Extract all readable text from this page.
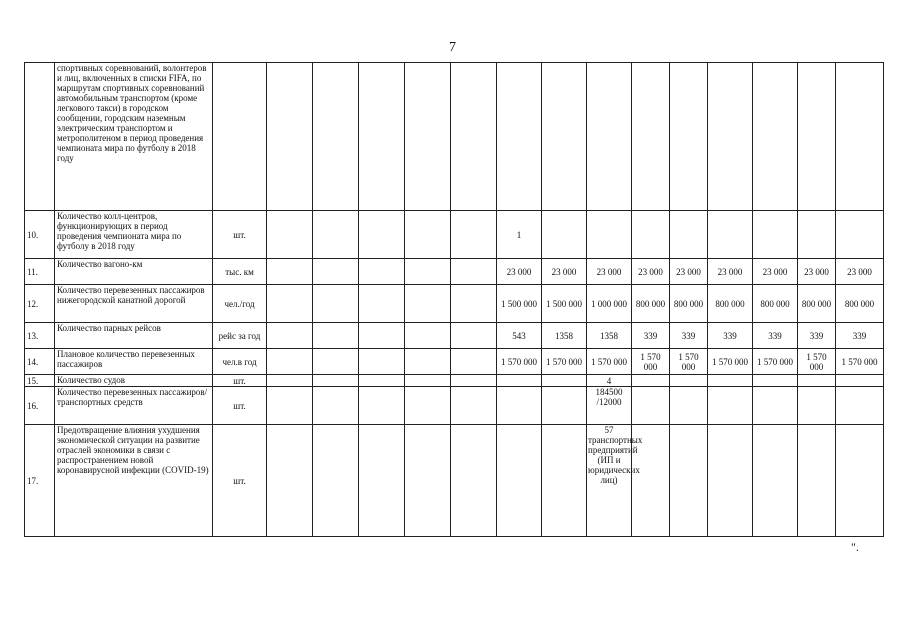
7
	спортивных соревнований, волонтеров и лиц, включенных в списки FIFA, по маршрутам спортивных соревнований автомобильным транспортом (кроме легкового такси) в городском сообщении, городским наземным электрическим транспортом и метрополитеном в период проведения чемпионата мира по футболу в 2018 году															
10.	Количество колл-центров, функционирующих в период проведения чемпионата мира по футболу в 2018 году	шт.						1								
11.	Количество вагоно-км	тыс. км						23 000	23 000	23 000	23 000	23 000	23 000	23 000	23 000	23 000
12.	Количество перевезенных пассажиров нижегородской канатной дорогой	чел./год						1 500 000	1 500 000	1 000 000	800 000	800 000	800 000	800 000	800 000	800 000
13.	Количество парных рейсов	рейс за год						543	1358	1358	339	339	339	339	339	339
14.	Плановое количество перевезенных пассажиров	чел.в год						1 570 000	1 570 000	1 570 000	1 570 000	1 570 000	1 570 000	1 570 000	1 570 000	1 570 000
15.	Количество судов	шт.								4						
16.	Количество перевезенных пассажиров/транспортных средств	шт.								184500 /12000						
17.	Предотвращение влияния ухудшения экономической ситуации на развитие отраслей экономики в связи с распространением новой коронавирусной инфекции (COVID-19)	шт.								57 транспортных предприятий (ИП и юридических лиц)						
".
